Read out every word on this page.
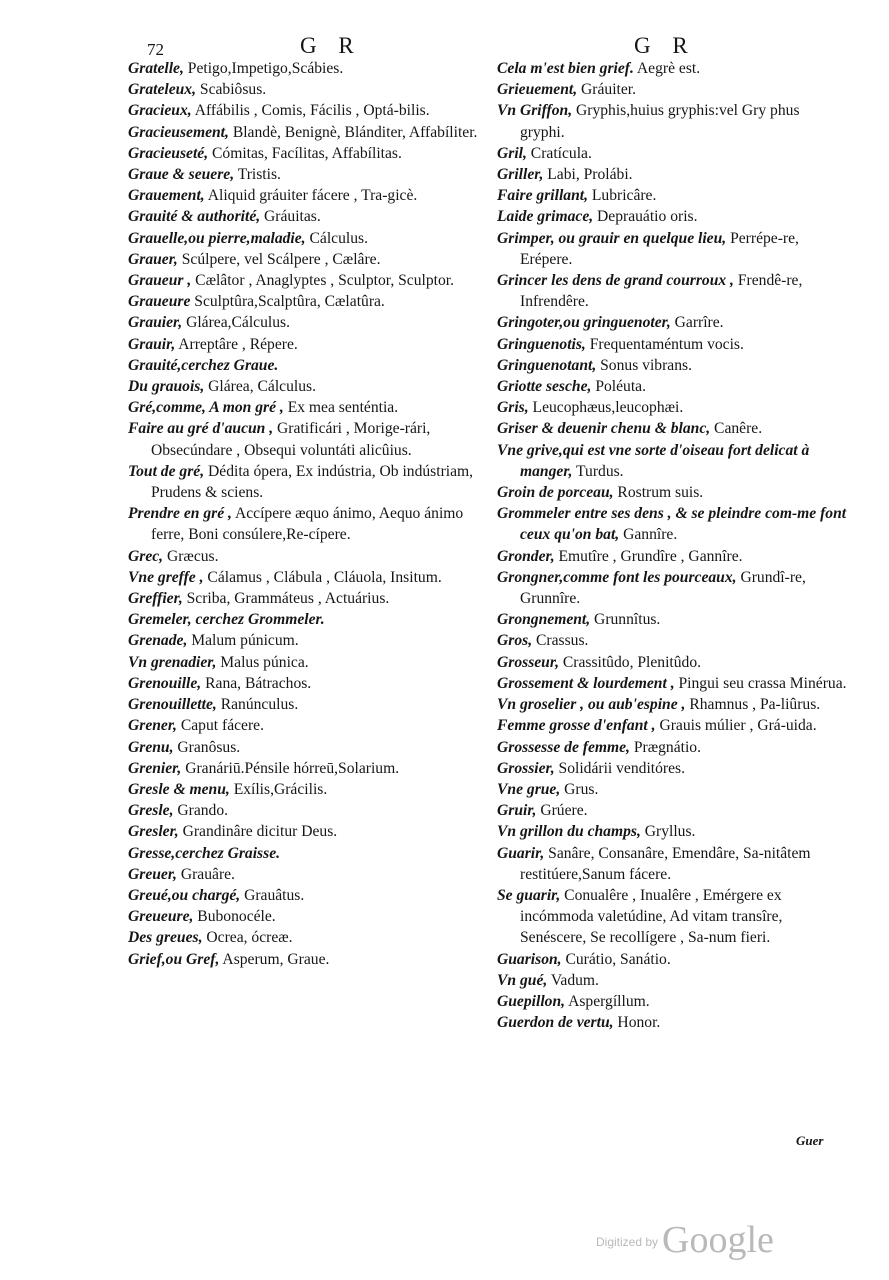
72	G R	G R

Gratelle, Petigo,Impetigo,Scábies.

Grateleux, Scabiôsus.

Gracieux, Affábilis , Comis, Fácilis , Optá-bilis.

Gracieusement, Blandè, Benignè, Blánditer, Affabíliter.

Gracieuseté, Cómitas, Facílitas, Affabílitas.

Graue & seuere, Tristis.

Grauement, Aliquid gráuiter fácere , Tra-gicè.

Grauité & authorité, Gráuitas.

Grauelle,ou pierre,maladie, Cálculus.

Grauer, Scúlpere, vel Scálpere , Cælâre.

Graueur , Cælâtor , Anaglyptes , Sculptor, Sculptor.

Graueure Sculptûra,Scalptûra, Cælatûra.

Grauier, Glárea,Cálculus.

Grauir, Arreptâre , Répere.

Grauité,cerchez Graue.

Du grauois, Glárea, Cálculus.

Gré,comme, A mon gré , Ex mea senténtia.

Faire au gré d'aucun , Gratificári , Morige-rári, Obsecúndare , Obsequi voluntáti alicûius.

Tout de gré, Dédita ópera, Ex indústria, Ob indústriam, Prudens & sciens.

Prendre en gré , Accípere æquo ánimo, Aequo ánimo ferre, Boni consúlere,Re-cípere.

Grec, Græcus.

Vne greffe , Cálamus , Clábula , Cláuola, Insitum.

Greffier, Scriba, Grammáteus , Actuárius.

Gremeler, cerchez Grommeler.

Grenade, Malum púnicum.

Vn grenadier, Malus púnica.

Grenouille, Rana, Bátrachos.

Grenouillette, Ranúnculus.

Grener, Caput fácere.

Grenu, Granôsus.

Grenier, Granáriū.Pénsile hórreū,Solarium.

Gresle & menu, Exílis,Grácilis.

Gresle, Grando.

Gresler, Grandinâre dicitur Deus.

Gresse,cerchez Graisse.

Greuer, Grauâre.

Greué,ou chargé, Grauâtus.

Greueure, Bubonocéle.

Des greues, Ocrea, ócreæ.

Grief,ou Gref, Asperum, Graue.

Cela m'est bien grief. Aegrè est.

Grieuement, Gráuiter.

Vn Griffon, Gryphis,huius gryphis:vel Gry phus gryphi.

Gril, Cratícula.

Griller, Labi, Prolábi.

Faire grillant, Lubricâre.

Laide grimace, Deprauátio oris.

Grimper, ou grauir en quelque lieu, Perrépe-re, Erépere.

Grincer les dens de grand courroux , Frendê-re, Infrendêre.

Gringoter,ou gringuenoter, Garrîre.

Gringuenotis, Frequentaméntum vocis.

Gringuenotant, Sonus vibrans.

Griotte sesche, Poléuta.

Gris, Leucophæus,leucophæi.

Griser & deuenir chenu & blanc, Canêre.

Vne grive,qui est vne sorte d'oiseau fort delicat à manger, Turdus.

Groin de porceau, Rostrum suis.

Grommeler entre ses dens , & se pleindre com-me font ceux qu'on bat, Gannîre.

Gronder, Emutîre , Grundîre , Gannîre.

Grongner,comme font les pourceaux, Grundî-re, Grunnîre.

Grongnement, Grunnîtus.

Gros, Crassus.

Grosseur, Crassitûdo, Plenitûdo.

Grossement & lourdement , Pingui seu crassa Minérua.

Vn groselier , ou aub'espine , Rhamnus , Pa-liûrus.

Femme grosse d'enfant , Grauis múlier , Grá-uida.

Grossesse de femme, Prægnátio.

Grossier, Solidárii venditóres.

Vne grue, Grus.

Gruir, Grúere.

Vn grillon du champs, Gryllus.

Guarir, Sanâre, Consanâre, Emendâre, Sa-nitâtem restitúere,Sanum fácere.

Se guarir, Conualêre , Inualêre , Emérgere ex incómmoda valetúdine, Ad vitam transîre, Senéscere, Se recollígere , Sa-num fieri.

Guarison, Curátio, Sanátio.

Vn gué, Vadum.

Guepillon, Aspergíllum.

Guerdon de vertu, Honor.

Guer
Digitized by Google
